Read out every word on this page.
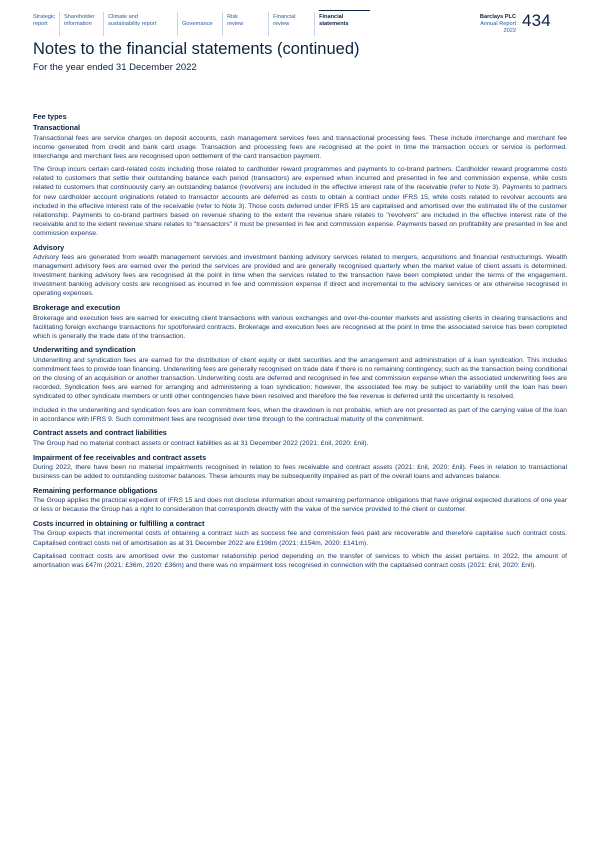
Strategic
report
Shareholder
information
Climate and
sustainability report	Governance
Risk
review
Financial
review
Financial
statements
Barclays PLC
Annual Report 2022
434
Notes to the financial statements (continued)

For the year ended 31 December 2022

Fee types
Transactional

Transactional fees are service charges on deposit accounts, cash management services fees and transactional processing fees. These include interchange and merchant fee income generated from credit and bank card usage. Transaction and processing fees are recognised at the point in time the transaction occurs or service is performed. Interchange and merchant fees are recognised upon settlement of the card transaction payment.

The Group incurs certain card-related costs including those related to cardholder reward programmes and payments to co-brand partners. Cardholder reward programme costs related to customers that settle their outstanding balance each period (transactors) are expensed when incurred and presented in fee and commission expense, while costs related to customers that continuously carry an outstanding balance (revolvers) are included in the effective interest rate of the receivable (refer to Note 3). Payments to partners for new cardholder account originations related to transactor accounts are deferred as costs to obtain a contract under IFRS 15, while costs related to revolver accounts are included in the effective interest rate of the receivable (refer to Note 3). Those costs deferred under IFRS 15 are capitalised and amortised over the estimated life of the customer relationship. Payments to co-brand partners based on revenue sharing to the extent the revenue share relates to "revolvers" are included in the effective interest rate of the receivable and to the extent revenue share relates to "transactors" it must be presented in fee and commission expense. Payments based on profitability are presented in fee and commission expense.

Advisory

Advisory fees are generated from wealth management services and investment banking advisory services related to mergers, acquisitions and financial restructurings. Wealth management advisory fees are earned over the period the services are provided and are generally recognised quarterly when the market value of client assets is determined. Investment banking advisory fees are recognised at the point in time when the services related to the transaction have been completed under the terms of the engagement. Investment banking advisory costs are recognised as incurred in fee and commission expense if direct and incremental to the advisory services or are otherwise recognised in operating expenses.

Brokerage and execution

Brokerage and execution fees are earned for executing client transactions with various exchanges and over-the-counter markets and assisting clients in clearing transactions and facilitating foreign exchange transactions for spot/forward contracts. Brokerage and execution fees are recognised at the point in time the associated service has been completed which is generally the trade date of the transaction.

Underwriting and syndication

Underwriting and syndication fees are earned for the distribution of client equity or debt securities and the arrangement and administration of a loan syndication. This includes commitment fees to provide loan financing. Underwriting fees are generally recognised on trade date if there is no remaining contingency, such as the transaction being conditional on the closing of an acquisition or another transaction. Underwriting costs are deferred and recognised in fee and commission expense when the associated underwriting fees are recorded. Syndication fees are earned for arranging and administering a loan syndication; however, the associated fee may be subject to variability until the loan has been syndicated to other syndicate members or until other contingencies have been resolved and therefore the fee revenue is deferred until the uncertainty is resolved.

Included in the underwriting and syndication fees are loan commitment fees, when the drawdown is not probable, which are not presented as part of the carrying value of the loan in accordance with IFRS 9. Such commitment fees are recognised over time through to the contractual maturity of the commitment.

Contract assets and contract liabilities

The Group had no material contract assets or contract liabilities as at 31 December 2022 (2021: £nil, 2020: £nil).

Impairment of fee receivables and contract assets

During 2022, there have been no material impairments recognised in relation to fees receivable and contract assets (2021: £nil, 2020: £nil). Fees in relation to transactional business can be added to outstanding customer balances. These amounts may be subsequently impaired as part of the overall loans and advances balance.

Remaining performance obligations

The Group applies the practical expedient of IFRS 15 and does not disclose information about remaining performance obligations that have original expected durations of one year or less or because the Group has a right to consideration that corresponds directly with the value of the service provided to the client or customer.

Costs incurred in obtaining or fulfilling a contract

The Group expects that incremental costs of obtaining a contract such as success fee and commission fees paid are recoverable and therefore capitalise such contract costs. Capitalised contract costs net of amortisation as at 31 December 2022 are £198m (2021: £154m, 2020: £141m).

Capitalised contract costs are amortised over the customer relationship period depending on the transfer of services to which the asset pertains. In 2022, the amount of amortisation was £47m (2021: £36m, 2020: £36m) and there was no impairment loss recognised in connection with the capitalised contract costs (2021: £nil, 2020: £nil).
